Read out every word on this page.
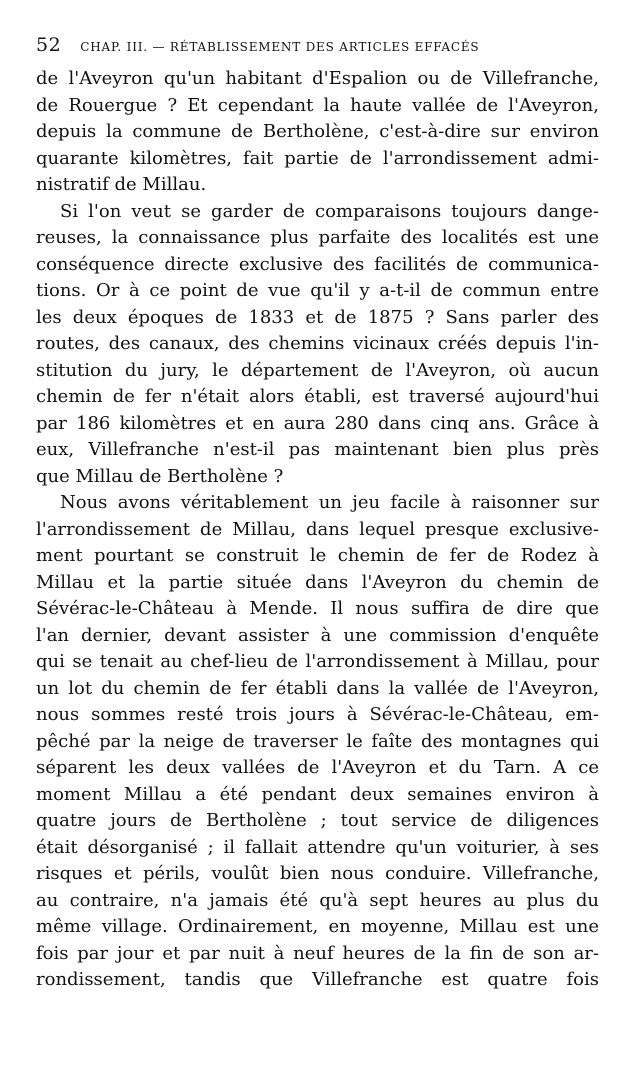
52 CHAP. III. — RÉTABLISSEMENT DES ARTICLES EFFACÉS
de l'Aveyron qu'un habitant d'Espalion ou de Villefranche,
de Rouergue ? Et cependant la haute vallée de l'Aveyron,
depuis la commune de Bertholène, c'est-à-dire sur environ
quarante kilomètres, fait partie de l'arrondissement admi-
nistratif de Millau.
Si l'on veut se garder de comparaisons toujours dange-
reuses, la connaissance plus parfaite des localités est une
conséquence directe exclusive des facilités de communica-
tions. Or à ce point de vue qu'il y a-t-il de commun entre
les deux époques de 1833 et de 1875 ? Sans parler des
routes, des canaux, des chemins vicinaux créés depuis l'in-
stitution du jury, le département de l'Aveyron, où aucun
chemin de fer n'était alors établi, est traversé aujourd'hui
par 186 kilomètres et en aura 280 dans cinq ans. Grâce à
eux, Villefranche n'est-il pas maintenant bien plus près
que Millau de Bertholène ?
Nous avons véritablement un jeu facile à raisonner sur
l'arrondissement de Millau, dans lequel presque exclusive-
ment pourtant se construit le chemin de fer de Rodez à
Millau et la partie située dans l'Aveyron du chemin de
Sévérac-le-Château à Mende. Il nous suffira de dire que
l'an dernier, devant assister à une commission d'enquête
qui se tenait au chef-lieu de l'arrondissement à Millau, pour
un lot du chemin de fer établi dans la vallée de l'Aveyron,
nous sommes resté trois jours à Sévérac-le-Château, em-
pêché par la neige de traverser le faîte des montagnes qui
séparent les deux vallées de l'Aveyron et du Tarn. A ce
moment Millau a été pendant deux semaines environ à
quatre jours de Bertholène ; tout service de diligences
était désorganisé ; il fallait attendre qu'un voiturier, à ses
risques et périls, voulût bien nous conduire. Villefranche,
au contraire, n'a jamais été qu'à sept heures au plus du
même village. Ordinairement, en moyenne, Millau est une
fois par jour et par nuit à neuf heures de la fin de son ar-
rondissement, tandis que Villefranche est quatre fois
